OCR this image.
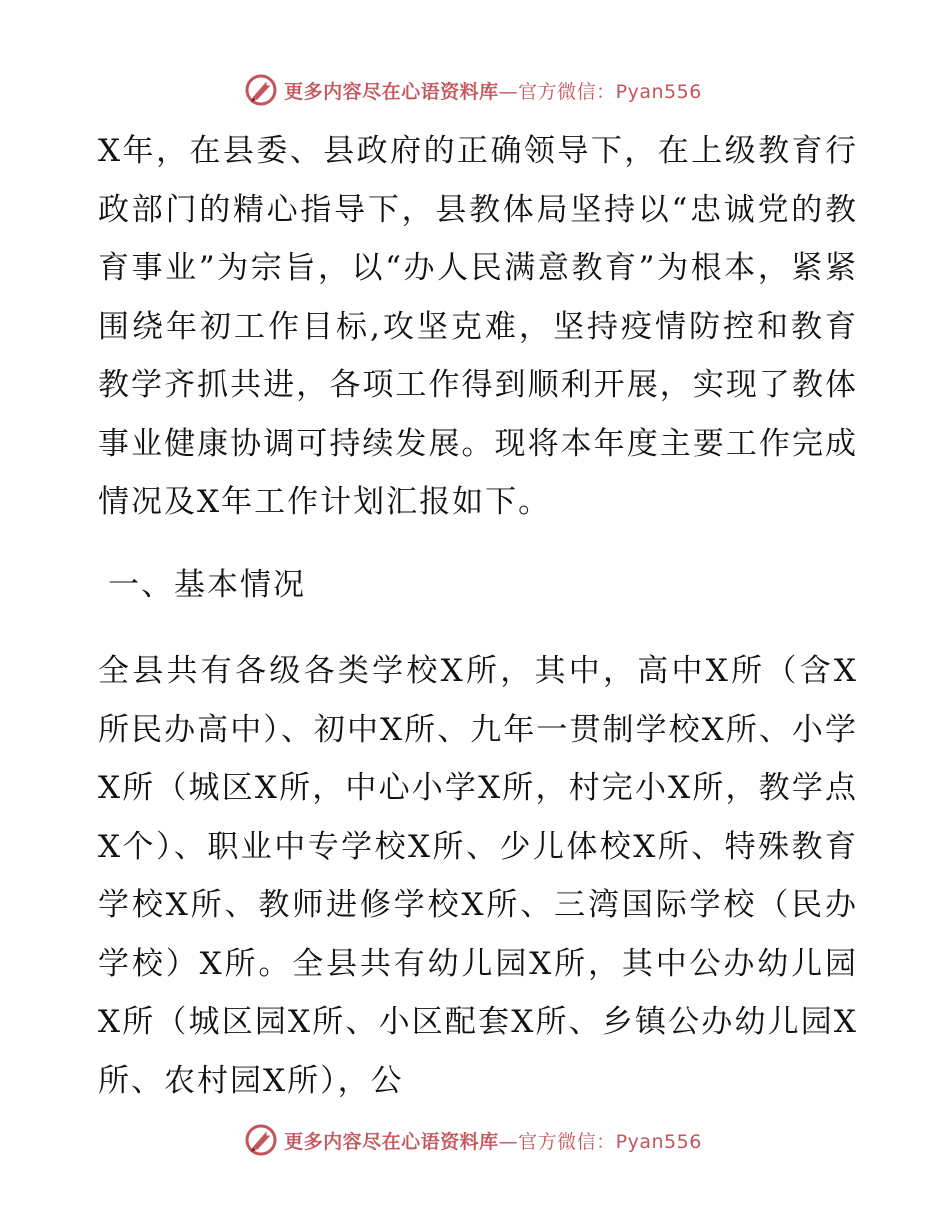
更多内容尽在心语资料库—官方微信：Pyan556

X年，在县委、县政府的正确领导下，在上级教育行政部门的精心指导下，县教体局坚持以“忠诚党的教育事业”为宗旨，以“办人民满意教育”为根本，紧紧围绕年初工作目标,攻坚克难，坚持疫情防控和教育教学齐抓共进，各项工作得到顺利开展，实现了教体事业健康协调可持续发展。现将本年度主要工作完成情况及X年工作计划汇报如下。

一、基本情况

全县共有各级各类学校X所，其中，高中X所（含X所民办高中）、初中X所、九年一贯制学校X所、小学X所（城区X所，中心小学X所，村完小X所，教学点X个）、职业中专学校X所、少儿体校X所、特殊教育学校X所、教师进修学校X所、三湾国际学校（民办学校）X所。全县共有幼儿园X所，其中公办幼儿园X所（城区园X所、小区配套X所、乡镇公办幼儿园X所、农村园X所），公

更多内容尽在心语资料库—官方微信：Pyan556
